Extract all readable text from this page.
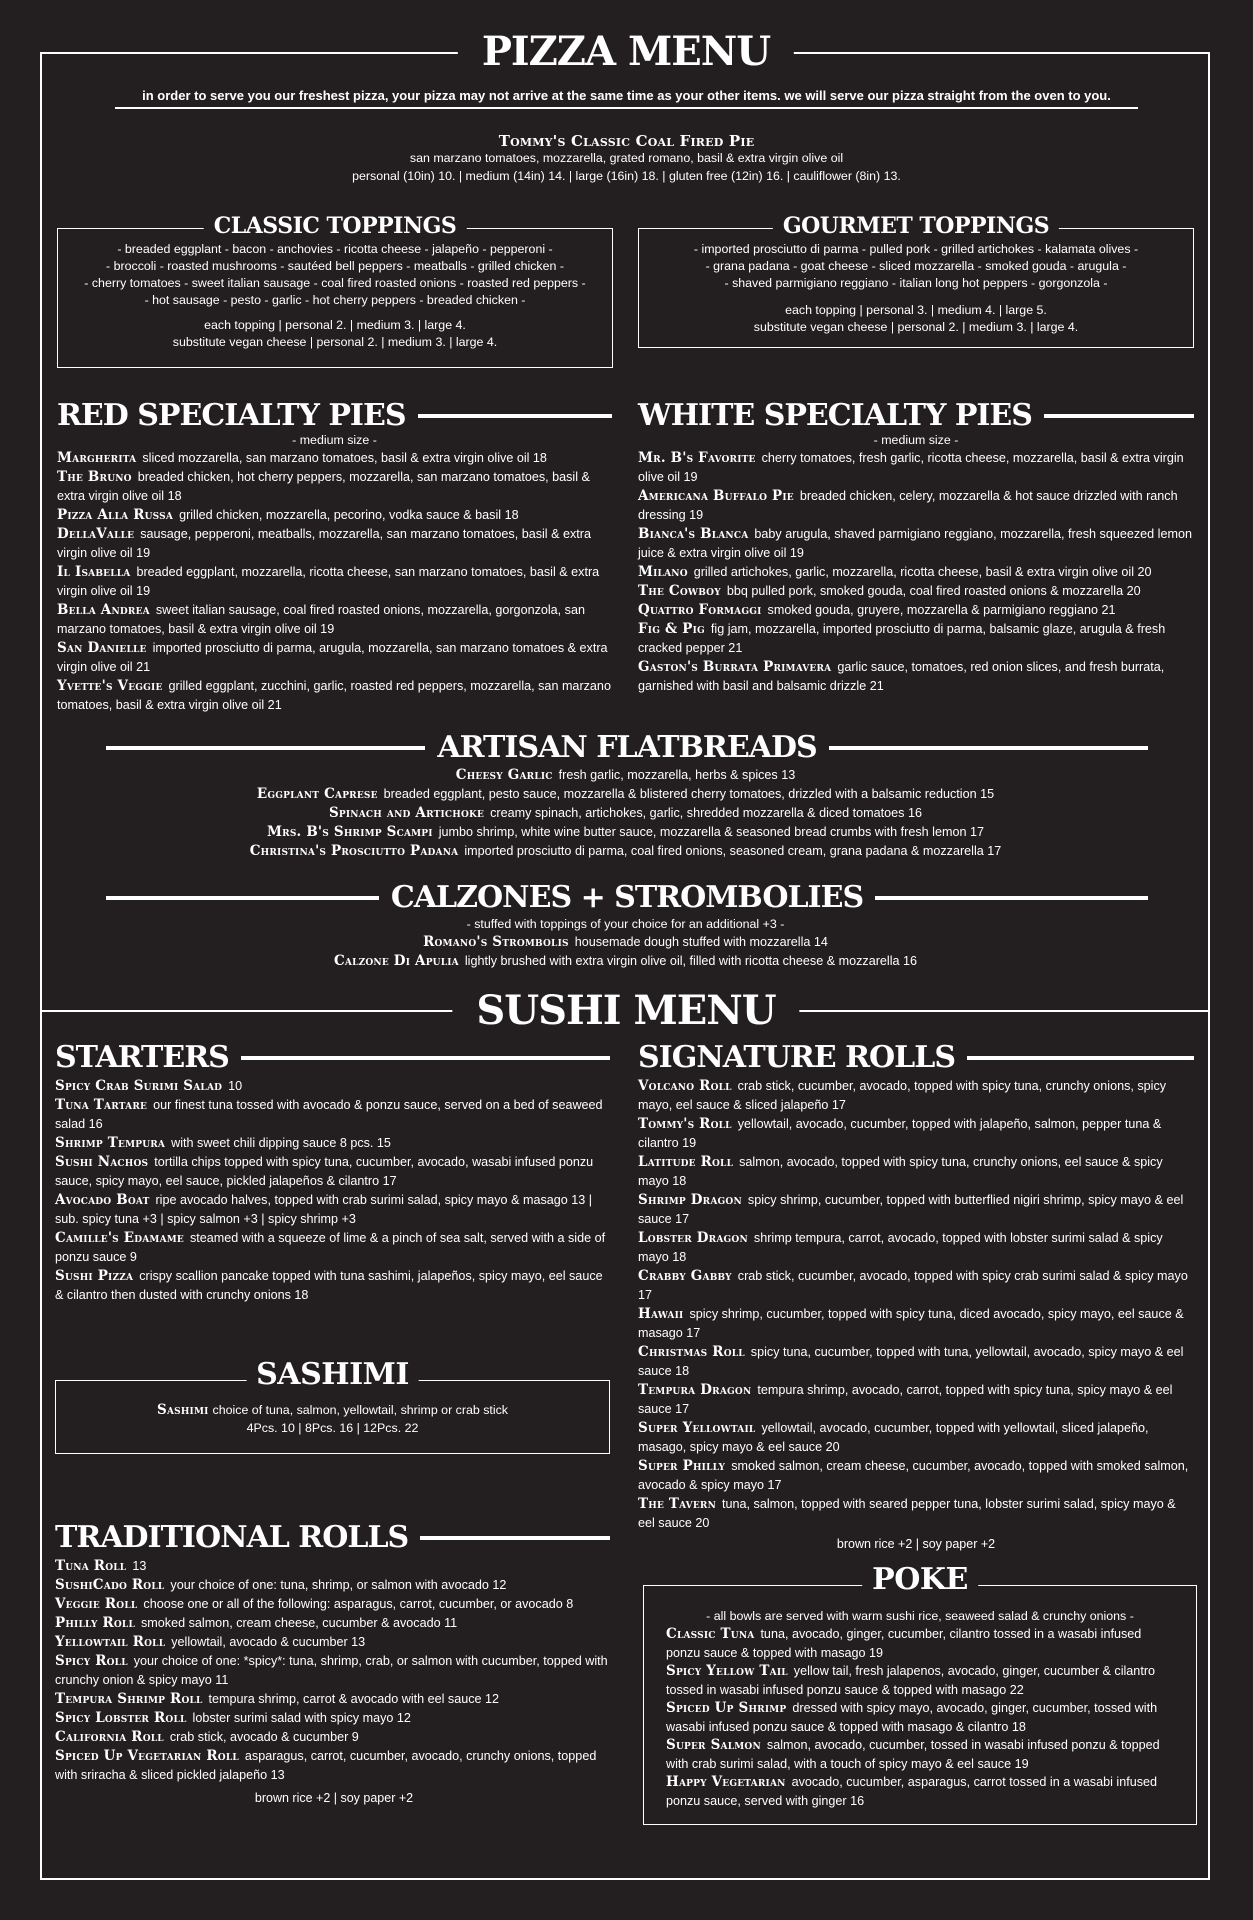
PIZZA MENU
in order to serve you our freshest pizza, your pizza may not arrive at the same time as your other items. we will serve our pizza straight from the oven to you.
Tommy's Classic Coal Fired Pie
san marzano tomatoes, mozzarella, grated romano, basil & extra virgin olive oil
personal (10in) 10. | medium (14in) 14. | large (16in) 18. | gluten free (12in) 16. | cauliflower (8in) 13.
CLASSIC TOPPINGS
- breaded eggplant - bacon - anchovies - ricotta cheese - jalapeño - pepperoni -
- broccoli - roasted mushrooms - sautéed bell peppers - meatballs - grilled chicken -
- cherry tomatoes - sweet italian sausage - coal fired roasted onions - roasted red peppers -
- hot sausage - pesto - garlic - hot cherry peppers - breaded chicken -
each topping | personal 2. | medium 3. | large 4.
substitute vegan cheese | personal 2. | medium 3. | large 4.
GOURMET TOPPINGS
- imported prosciutto di parma - pulled pork - grilled artichokes - kalamata olives -
- grana padana - goat cheese - sliced mozzarella - smoked gouda - arugula -
- shaved parmigiano reggiano - italian long hot peppers - gorgonzola -
each topping | personal 3. | medium 4. | large 5.
substitute vegan cheese | personal 2. | medium 3. | large 4.
RED SPECIALTY PIES
- medium size -
Margherita sliced mozzarella, san marzano tomatoes, basil & extra virgin olive oil 18
The Bruno breaded chicken, hot cherry peppers, mozzarella, san marzano tomatoes, basil & extra virgin olive oil 18
Pizza Alla Russa grilled chicken, mozzarella, pecorino, vodka sauce & basil 18
DellaValle sausage, pepperoni, meatballs, mozzarella, san marzano tomatoes, basil & extra virgin olive oil 19
Il Isabella breaded eggplant, mozzarella, ricotta cheese, san marzano tomatoes, basil & extra virgin olive oil 19
Bella Andrea sweet italian sausage, coal fired roasted onions, mozzarella, gorgonzola, san marzano tomatoes, basil & extra virgin olive oil 19
San Danielle imported prosciutto di parma, arugula, mozzarella, san marzano tomatoes & extra virgin olive oil 21
Yvette's Veggie grilled eggplant, zucchini, garlic, roasted red peppers, mozzarella, san marzano tomatoes, basil & extra virgin olive oil 21
WHITE SPECIALTY PIES
- medium size -
Mr. B's Favorite cherry tomatoes, fresh garlic, ricotta cheese, mozzarella, basil & extra virgin olive oil 19
Americana Buffalo Pie breaded chicken, celery, mozzarella & hot sauce drizzled with ranch dressing 19
Bianca's Blanca baby arugula, shaved parmigiano reggiano, mozzarella, fresh squeezed lemon juice & extra virgin olive oil 19
Milano grilled artichokes, garlic, mozzarella, ricotta cheese, basil & extra virgin olive oil 20
The Cowboy bbq pulled pork, smoked gouda, coal fired roasted onions & mozzarella 20
Quattro Formaggi smoked gouda, gruyere, mozzarella & parmigiano reggiano 21
Fig & Pig fig jam, mozzarella, imported prosciutto di parma, balsamic glaze, arugula & fresh cracked pepper 21
Gaston's Burrata Primavera garlic sauce, tomatoes, red onion slices, and fresh burrata, garnished with basil and balsamic drizzle 21
ARTISAN FLATBREADS
Cheesy Garlic fresh garlic, mozzarella, herbs & spices 13
Eggplant Caprese breaded eggplant, pesto sauce, mozzarella & blistered cherry tomatoes, drizzled with a balsamic reduction 15
Spinach and Artichoke creamy spinach, artichokes, garlic, shredded mozzarella & diced tomatoes 16
Mrs. B's Shrimp Scampi jumbo shrimp, white wine butter sauce, mozzarella & seasoned bread crumbs with fresh lemon 17
Christina's Prosciutto Padana imported prosciutto di parma, coal fired onions, seasoned cream, grana padana & mozzarella 17
CALZONES + STROMBOLIES
- stuffed with toppings of your choice for an additional +3 -
Romano's Strombolis housemade dough stuffed with mozzarella 14
Calzone Di Apulia lightly brushed with extra virgin olive oil, filled with ricotta cheese & mozzarella 16
SUSHI MENU
STARTERS
Spicy Crab Surimi Salad 10
Tuna Tartare our finest tuna tossed with avocado & ponzu sauce, served on a bed of seaweed salad 16
Shrimp Tempura with sweet chili dipping sauce 8 pcs. 15
Sushi Nachos tortilla chips topped with spicy tuna, cucumber, avocado, wasabi infused ponzu sauce, spicy mayo, eel sauce, pickled jalapeños & cilantro 17
Avocado Boat ripe avocado halves, topped with crab surimi salad, spicy mayo & masago 13 | sub. spicy tuna +3 | spicy salmon +3 | spicy shrimp +3
Camille's Edamame steamed with a squeeze of lime & a pinch of sea salt, served with a side of ponzu sauce 9
Sushi Pizza crispy scallion pancake topped with tuna sashimi, jalapeños, spicy mayo, eel sauce & cilantro then dusted with crunchy onions 18
SASHIMI
Sashimi choice of tuna, salmon, yellowtail, shrimp or crab stick
4Pcs. 10 | 8Pcs. 16 | 12Pcs. 22
TRADITIONAL ROLLS
Tuna Roll 13
SushiCado Roll your choice of one: tuna, shrimp, or salmon with avocado 12
Veggie Roll choose one or all of the following: asparagus, carrot, cucumber, or avocado 8
Philly Roll smoked salmon, cream cheese, cucumber & avocado 11
Yellowtail Roll yellowtail, avocado & cucumber 13
Spicy Roll your choice of one: *spicy*: tuna, shrimp, crab, or salmon with cucumber, topped with crunchy onion & spicy mayo 11
Tempura Shrimp Roll tempura shrimp, carrot & avocado with eel sauce 12
Spicy Lobster Roll lobster surimi salad with spicy mayo 12
California Roll crab stick, avocado & cucumber 9
Spiced Up Vegetarian Roll asparagus, carrot, cucumber, avocado, crunchy onions, topped with sriracha & sliced pickled jalapeño 13
brown rice +2 | soy paper +2
SIGNATURE ROLLS
Volcano Roll crab stick, cucumber, avocado, topped with spicy tuna, crunchy onions, spicy mayo, eel sauce & sliced jalapeño 17
Tommy's Roll yellowtail, avocado, cucumber, topped with jalapeño, salmon, pepper tuna & cilantro 19
Latitude Roll salmon, avocado, topped with spicy tuna, crunchy onions, eel sauce & spicy mayo 18
Shrimp Dragon spicy shrimp, cucumber, topped with butterflied nigiri shrimp, spicy mayo & eel sauce 17
Lobster Dragon shrimp tempura, carrot, avocado, topped with lobster surimi salad & spicy mayo 18
Crabby Gabby crab stick, cucumber, avocado, topped with spicy crab surimi salad & spicy mayo 17
Hawaii spicy shrimp, cucumber, topped with spicy tuna, diced avocado, spicy mayo, eel sauce & masago 17
Christmas Roll spicy tuna, cucumber, topped with tuna, yellowtail, avocado, spicy mayo & eel sauce 18
Tempura Dragon tempura shrimp, avocado, carrot, topped with spicy tuna, spicy mayo & eel sauce 17
Super Yellowtail yellowtail, avocado, cucumber, topped with yellowtail, sliced jalapeño, masago, spicy mayo & eel sauce 20
Super Philly smoked salmon, cream cheese, cucumber, avocado, topped with smoked salmon, avocado & spicy mayo 17
The Tavern tuna, salmon, topped with seared pepper tuna, lobster surimi salad, spicy mayo & eel sauce 20
brown rice +2 | soy paper +2
POKE
- all bowls are served with warm sushi rice, seaweed salad & crunchy onions -
Classic Tuna tuna, avocado, ginger, cucumber, cilantro tossed in a wasabi infused ponzu sauce & topped with masago 19
Spicy Yellow Tail yellow tail, fresh jalapenos, avocado, ginger, cucumber & cilantro tossed in wasabi infused ponzu sauce & topped with masago 22
Spiced Up Shrimp dressed with spicy mayo, avocado, ginger, cucumber, tossed with wasabi infused ponzu sauce & topped with masago & cilantro 18
Super Salmon salmon, avocado, cucumber, tossed in wasabi infused ponzu & topped with crab surimi salad, with a touch of spicy mayo & eel sauce 19
Happy Vegetarian avocado, cucumber, asparagus, carrot tossed in a wasabi infused ponzu sauce, served with ginger 16
